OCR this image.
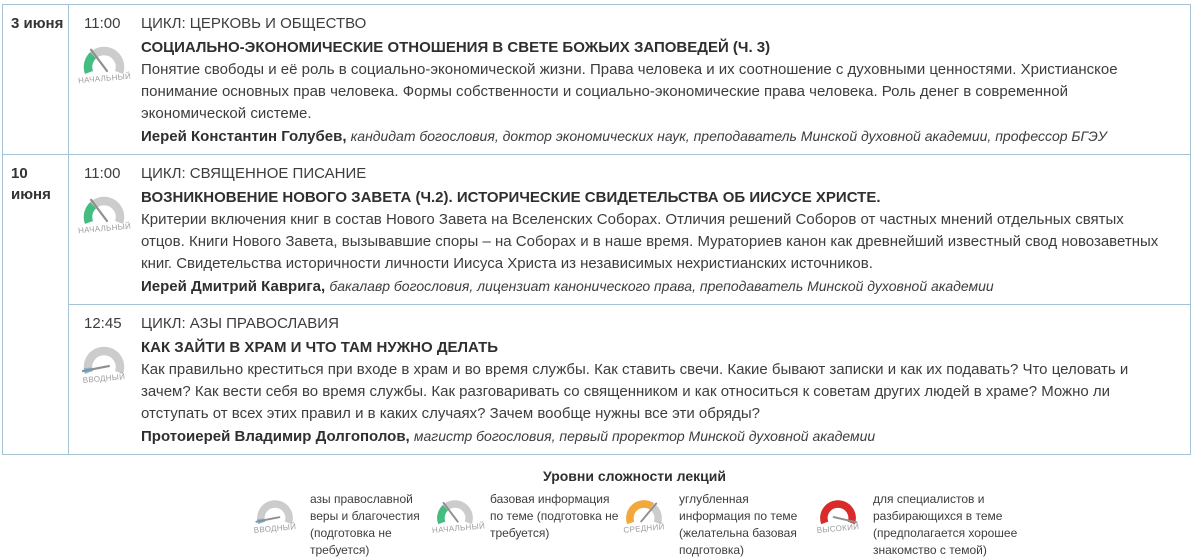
3 июня	11:00
НАЧАЛЬНЫЙ
ЦИКЛ: ЦЕРКОВЬ И ОБЩЕСТВО
СОЦИАЛЬНО-ЭКОНОМИЧЕСКИЕ ОТНОШЕНИЯ В СВЕТЕ БОЖЬИХ ЗАПОВЕДЕЙ (Ч. 3)
Понятие свободы и её роль в социально-экономической жизни. Права человека и их соотношение с духовными ценностями. Христианское понимание основных прав человека. Формы собственности и социально-экономические права человека. Роль денег в современной экономической системе.
Иерей Константин Голубев, кандидат богословия, доктор экономических наук, преподаватель Минской духовной академии, профессор БГЭУ
10 июня
11:00
НАЧАЛЬНЫЙ
ЦИКЛ: СВЯЩЕННОЕ ПИСАНИЕ
ВОЗНИКНОВЕНИЕ НОВОГО ЗАВЕТА (Ч.2). ИСТОРИЧЕСКИЕ СВИДЕТЕЛЬСТВА ОБ ИИСУСЕ ХРИСТЕ.
Критерии включения книг в состав Нового Завета на Вселенских Соборах. Отличия решений Соборов от частных мнений отдельных святых отцов. Книги Нового Завета, вызывавшие споры – на Соборах и в наше время. Мураториев канон как древнейший известный свод новозаветных книг. Свидетельства историчности личности Иисуса Христа из независимых нехристианских источников.
Иерей Дмитрий Каврига, бакалавр богословия, лицензиат канонического права, преподаватель Минской духовной академии
12:45
ВВОДНЫЙ
ЦИКЛ: АЗЫ ПРАВОСЛАВИЯ
КАК ЗАЙТИ В ХРАМ И ЧТО ТАМ НУЖНО ДЕЛАТЬ
Как правильно креститься при входе в храм и во время службы. Как ставить свечи. Какие бывают записки и как их подавать? Что целовать и зачем? Как вести себя во время службы. Как разговаривать со священником и как относиться к советам других людей в храме? Можно ли отступать от всех этих правил и в каких случаях? Зачем вообще нужны все эти обряды?
Протоиерей Владимир Долгополов, магистр богословия, первый проректор Минской духовной академии
Уровни сложности лекций
ВВОДНЫЙ
азы православной веры и благочестия (подготовка не требуется)
НАЧАЛЬНЫЙ
базовая информация по теме (подготовка не требуется)	СРЕДНИЙ
углубленная информация по теме (желательна базовая подготовка)
ВЫСОКИЙ
для специалистов и разбирающихся в теме (предполагается хорошее знакомство с темой)
